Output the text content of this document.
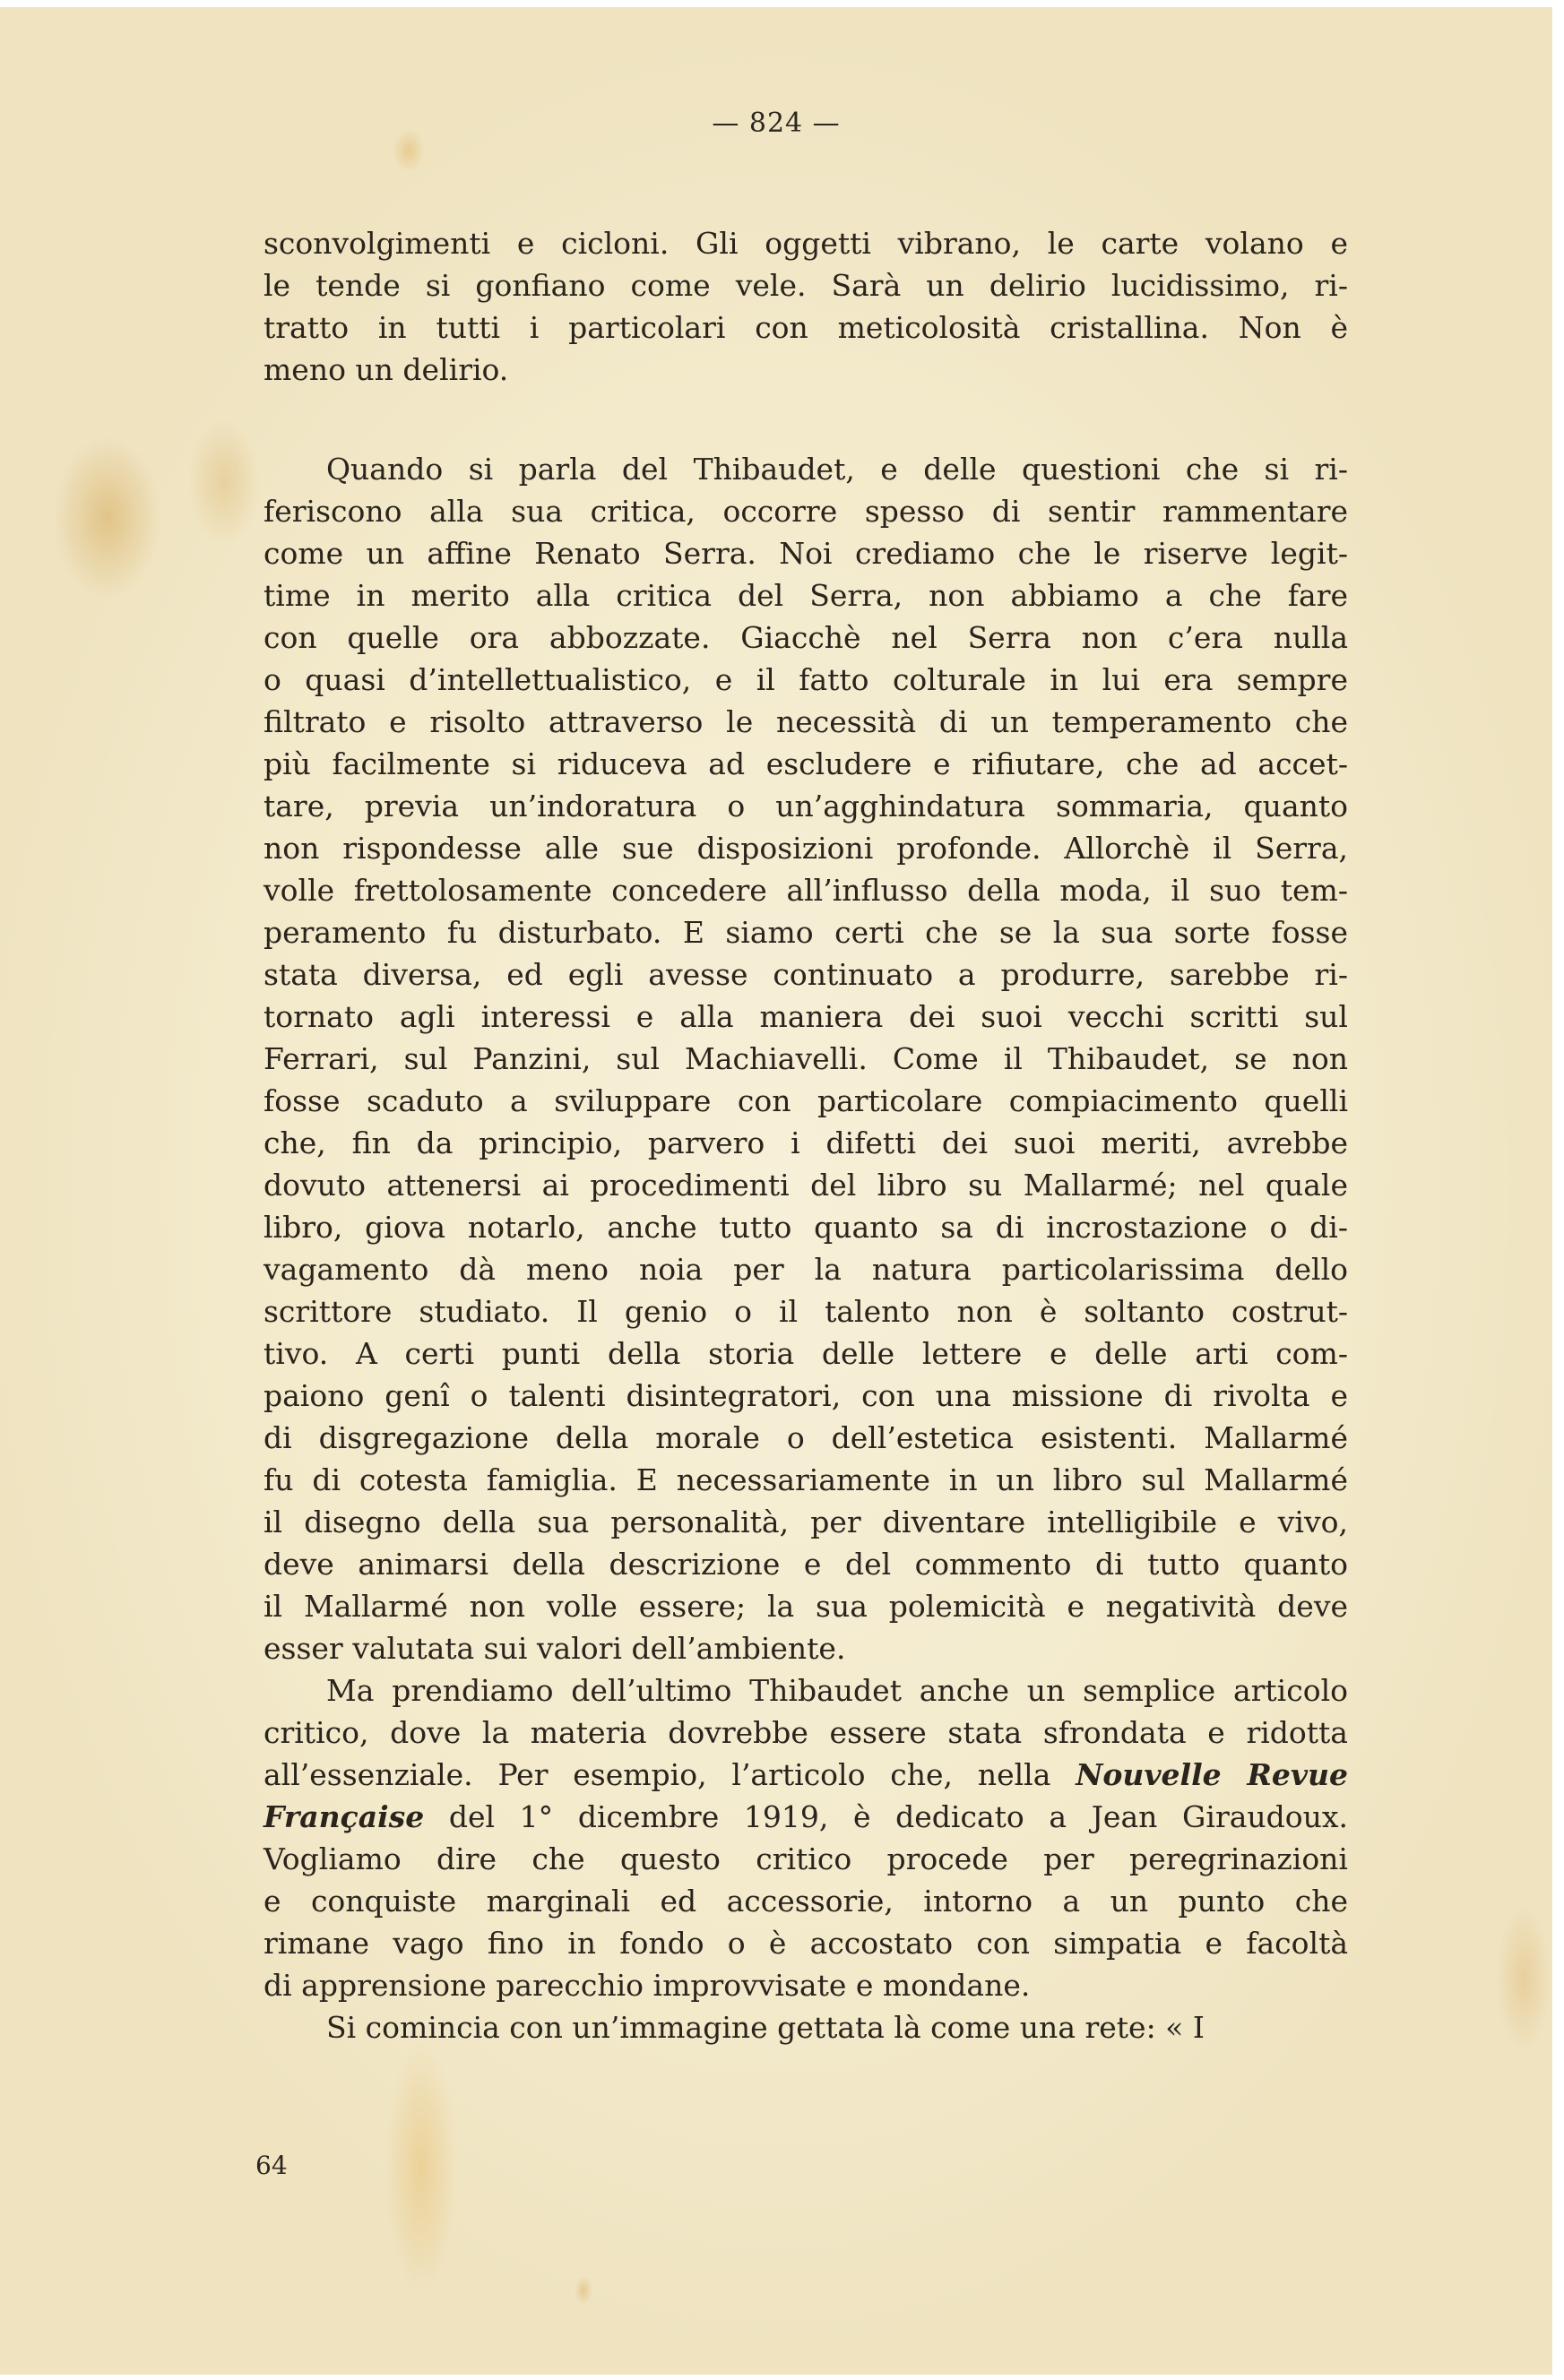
— 824 —
sconvolgimenti e cicloni. Gli oggetti vibrano, le carte volano e
le tende si gonfiano come vele. Sarà un delirio lucidissimo, ri-
tratto in tutti i particolari con meticolosità cristallina. Non è
meno un delirio.
Quando si parla del Thibaudet, e delle questioni che si ri-
feriscono alla sua critica, occorre spesso di sentir rammentare
come un affine Renato Serra. Noi crediamo che le riserve legit-
time in merito alla critica del Serra, non abbiamo a che fare
con quelle ora abbozzate. Giacchè nel Serra non c’era nulla
o quasi d’intellettualistico, e il fatto colturale in lui era sempre
filtrato e risolto attraverso le necessità di un temperamento che
più facilmente si riduceva ad escludere e rifiutare, che ad accet-
tare, previa un’indoratura o un’agghindatura sommaria, quanto
non rispondesse alle sue disposizioni profonde. Allorchè il Serra,
volle frettolosamente concedere all’influsso della moda, il suo tem-
peramento fu disturbato. E siamo certi che se la sua sorte fosse
stata diversa, ed egli avesse continuato a produrre, sarebbe ri-
tornato agli interessi e alla maniera dei suoi vecchi scritti sul
Ferrari, sul Panzini, sul Machiavelli. Come il Thibaudet, se non
fosse scaduto a sviluppare con particolare compiacimento quelli
che, fin da principio, parvero i difetti dei suoi meriti, avrebbe
dovuto attenersi ai procedimenti del libro su Mallarmé; nel quale
libro, giova notarlo, anche tutto quanto sa di incrostazione o di-
vagamento dà meno noia per la natura particolarissima dello
scrittore studiato. Il genio o il talento non è soltanto costrut-
tivo. A certi punti della storia delle lettere e delle arti com-
paiono genî o talenti disintegratori, con una missione di rivolta e
di disgregazione della morale o dell’estetica esistenti. Mallarmé
fu di cotesta famiglia. E necessariamente in un libro sul Mallarmé
il disegno della sua personalità, per diventare intelligibile e vivo,
deve animarsi della descrizione e del commento di tutto quanto
il Mallarmé non volle essere; la sua polemicità e negatività deve
esser valutata sui valori dell’ambiente.
Ma prendiamo dell’ultimo Thibaudet anche un semplice articolo
critico, dove la materia dovrebbe essere stata sfrondata e ridotta
all’essenziale. Per esempio, l’articolo che, nella Nouvelle Revue
Française del 1° dicembre 1919, è dedicato a Jean Giraudoux.
Vogliamo dire che questo critico procede per peregrinazioni
e conquiste marginali ed accessorie, intorno a un punto che
rimane vago fino in fondo o è accostato con simpatia e facoltà
di apprensione parecchio improvvisate e mondane.
Si comincia con un’immagine gettata là come una rete: « I
64
